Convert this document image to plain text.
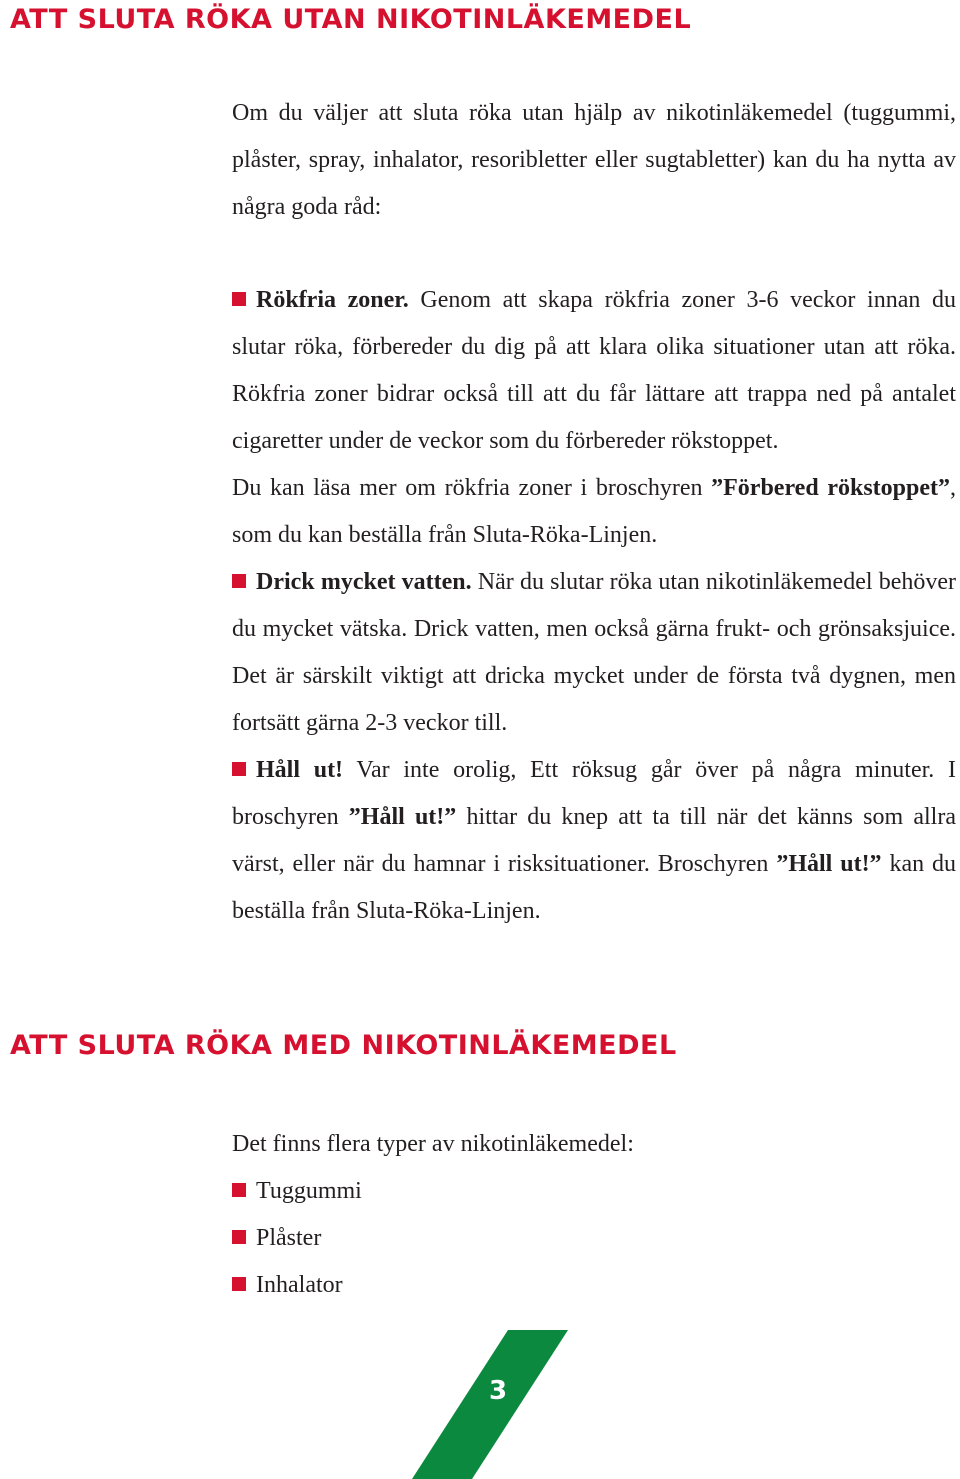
ATT SLUTA RÖKA UTAN NIKOTINLÄKEMEDEL

Om du väljer att sluta röka utan hjälp av nikotinläkemedel (tuggummi, plåster, spray, inhalator, resoribletter eller sugtabletter) kan du ha nytta av några goda råd:

Rökfria zoner. Genom att skapa rökfria zoner 3-6 veckor innan du slutar röka, förbereder du dig på att klara olika situationer utan att röka. Rökfria zoner bidrar också till att du får lättare att trappa ned på antalet cigaretter under de veckor som du förbereder rökstoppet.

Du kan läsa mer om rökfria zoner i broschyren ”Förbered rökstoppet”, som du kan beställa från Sluta-Röka-Linjen.

Drick mycket vatten. När du slutar röka utan nikotinläkemedel behöver du mycket vätska. Drick vatten, men också gärna frukt- och grönsaksjuice. Det är särskilt viktigt att dricka mycket under de första två dygnen, men fortsätt gärna 2-3 veckor till.

Håll ut! Var inte orolig, Ett röksug går över på några minuter. I broschyren ”Håll ut!” hittar du knep att ta till när det känns som allra värst, eller när du hamnar i risksituationer. Broschyren ”Håll ut!” kan du beställa från Sluta-Röka-Linjen.

ATT SLUTA RÖKA MED NIKOTINLÄKEMEDEL

Det finns flera typer av nikotinläkemedel:

Tuggummi
Plåster
Inhalator
3
